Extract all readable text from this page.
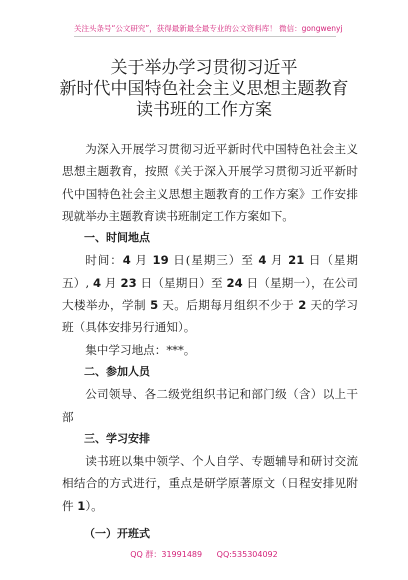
关注头条号“公文研究”，获得最新最全最专业的公文资料库！ 微信：gongwenyj
关于举办学习贯彻习近平
新时代中国特色社会主义思想主题教育
读书班的工作方案

为深入开展学习贯彻习近平新时代中国特色社会主义思想主题教育，按照《关于深入开展学习贯彻习近平新时代中国特色社会主义思想主题教育的工作方案》工作安排现就举办主题教育读书班制定工作方案如下。

一、时间地点

时间：4 月 19 日(星期三）至 4 月 21 日（星期五）, 4 月 23 日（星期日）至 24 日（星期一），在公司大楼举办，学制 5 天。后期每月组织不少于 2 天的学习班（具体安排另行通知）。

集中学习地点：***。

二、参加人员

公司领导、各二级党组织书记和部门级（含）以上干部

三、学习安排

读书班以集中领学、个人自学、专题辅导和研讨交流相结合的方式进行，重点是研学原著原文（日程安排见附件 1）。

（一）开班式

QQ 群：31991489 QQ:535304092
